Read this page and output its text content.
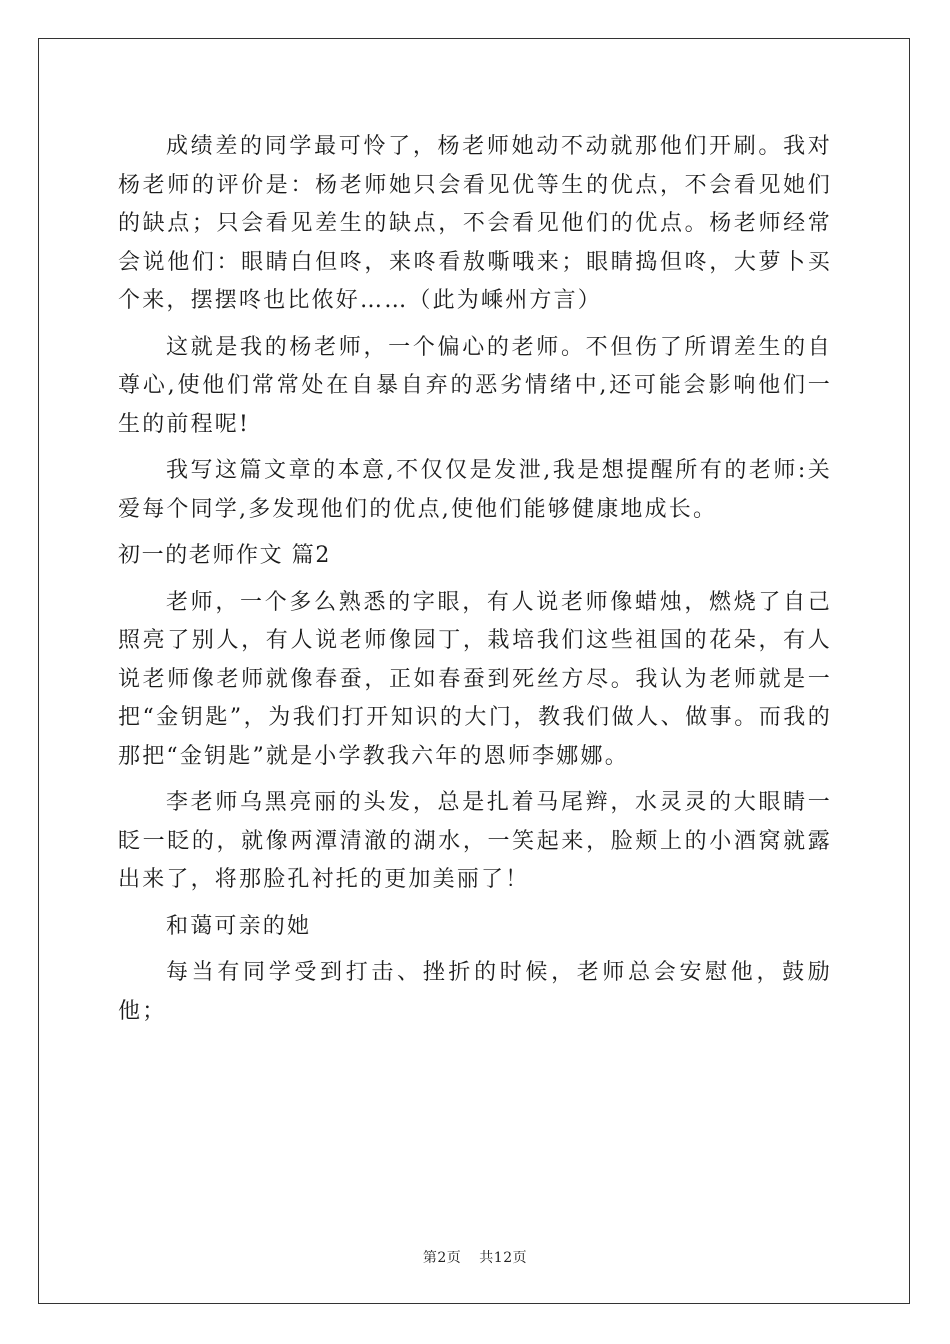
成绩差的同学最可怜了，杨老师她动不动就那他们开刷。我对杨老师的评价是：杨老师她只会看见优等生的优点，不会看见她们的缺点；只会看见差生的缺点，不会看见他们的优点。杨老师经常会说他们：眼睛白但咚，来咚看敖嘶哦来；眼睛捣但咚，大萝卜买个来，摆摆咚也比侬好……（此为嵊州方言）

这就是我的杨老师，一个偏心的老师。不但伤了所谓差生的自尊心,使他们常常处在自暴自弃的恶劣情绪中,还可能会影响他们一生的前程呢!

我写这篇文章的本意,不仅仅是发泄,我是想提醒所有的老师:关爱每个同学,多发现他们的优点,使他们能够健康地成长。

初一的老师作文 篇2

老师，一个多么熟悉的字眼，有人说老师像蜡烛，燃烧了自己照亮了别人，有人说老师像园丁，栽培我们这些祖国的花朵，有人说老师像老师就像春蚕，正如春蚕到死丝方尽。我认为老师就是一把“金钥匙”，为我们打开知识的大门，教我们做人、做事。而我的那把“金钥匙”就是小学教我六年的恩师李娜娜。

李老师乌黑亮丽的头发，总是扎着马尾辫，水灵灵的大眼睛一眨一眨的，就像两潭清澈的湖水，一笑起来，脸颊上的小酒窝就露出来了，将那脸孔衬托的更加美丽了！

和蔼可亲的她

每当有同学受到打击、挫折的时候，老师总会安慰他，鼓励他；

第2页 共12页
